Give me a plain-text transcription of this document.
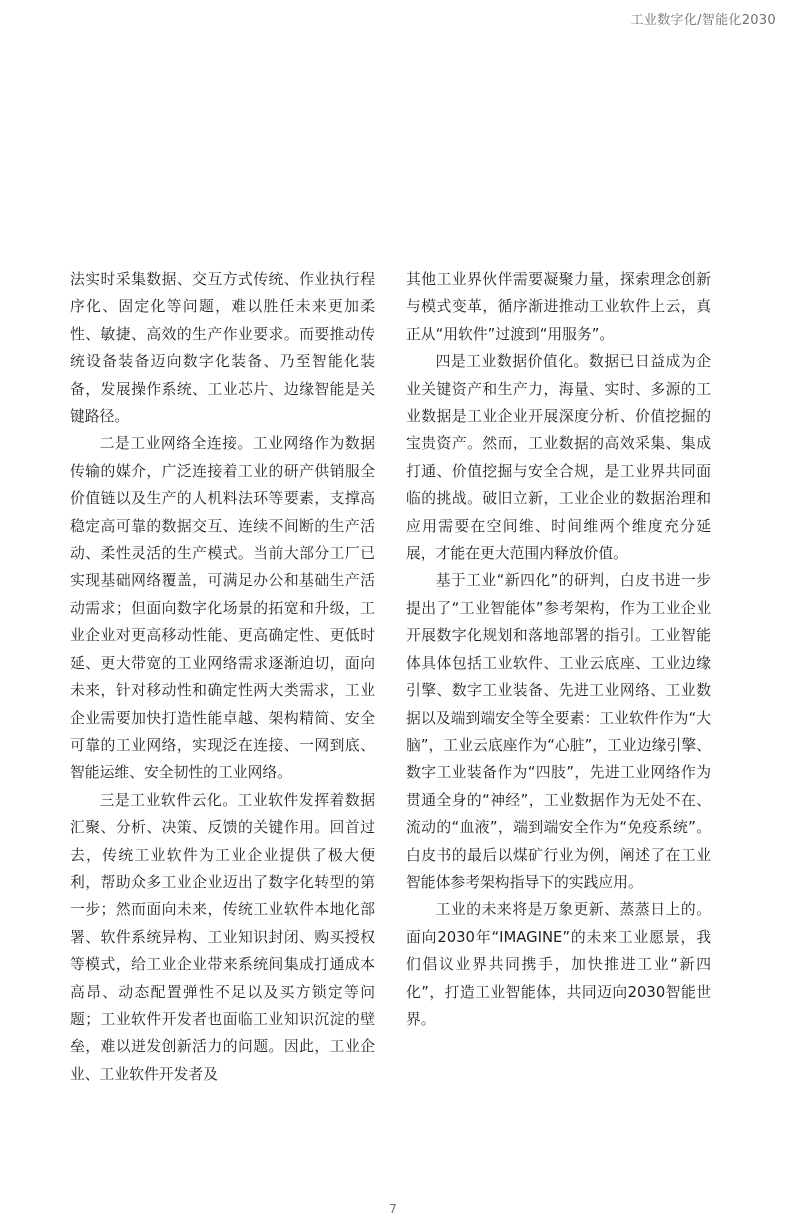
工业数字化/智能化2030

法实时采集数据、交互方式传统、作业执行程序化、固定化等问题，难以胜任未来更加柔性、敏捷、高效的生产作业要求。而要推动传统设备装备迈向数字化装备、乃至智能化装备，发展操作系统、工业芯片、边缘智能是关键路径。

二是工业网络全连接。工业网络作为数据传输的媒介，广泛连接着工业的研产供销服全价值链以及生产的人机料法环等要素，支撑高稳定高可靠的数据交互、连续不间断的生产活动、柔性灵活的生产模式。当前大部分工厂已实现基础网络覆盖，可满足办公和基础生产活动需求；但面向数字化场景的拓宽和升级，工业企业对更高移动性能、更高确定性、更低时延、更大带宽的工业网络需求逐渐迫切，面向未来，针对移动性和确定性两大类需求，工业企业需要加快打造性能卓越、架构精简、安全可靠的工业网络，实现泛在连接、一网到底、智能运维、安全韧性的工业网络。

三是工业软件云化。工业软件发挥着数据汇聚、分析、决策、反馈的关键作用。回首过去，传统工业软件为工业企业提供了极大便利，帮助众多工业企业迈出了数字化转型的第一步；然而面向未来，传统工业软件本地化部署、软件系统异构、工业知识封闭、购买授权等模式，给工业企业带来系统间集成打通成本高昂、动态配置弹性不足以及买方锁定等问题；工业软件开发者也面临工业知识沉淀的壁垒，难以迸发创新活力的问题。因此，工业企业、工业软件开发者及

其他工业界伙伴需要凝聚力量，探索理念创新与模式变革，循序渐进推动工业软件上云，真正从“用软件”过渡到“用服务”。

四是工业数据价值化。数据已日益成为企业关键资产和生产力，海量、实时、多源的工业数据是工业企业开展深度分析、价值挖掘的宝贵资产。然而，工业数据的高效采集、集成打通、价值挖掘与安全合规，是工业界共同面临的挑战。破旧立新，工业企业的数据治理和应用需要在空间维、时间维两个维度充分延展，才能在更大范围内释放价值。

基于工业“新四化”的研判，白皮书进一步提出了“工业智能体”参考架构，作为工业企业开展数字化规划和落地部署的指引。工业智能体具体包括工业软件、工业云底座、工业边缘引擎、数字工业装备、先进工业网络、工业数据以及端到端安全等全要素：工业软件作为“大脑”，工业云底座作为“心脏”，工业边缘引擎、数字工业装备作为“四肢”，先进工业网络作为贯通全身的“神经”，工业数据作为无处不在、流动的“血液”，端到端安全作为“免疫系统”。白皮书的最后以煤矿行业为例，阐述了在工业智能体参考架构指导下的实践应用。

工业的未来将是万象更新、蒸蒸日上的。面向2030年“IMAGINE”的未来工业愿景，我们倡议业界共同携手，加快推进工业“新四化”，打造工业智能体，共同迈向2030智能世界。

7
